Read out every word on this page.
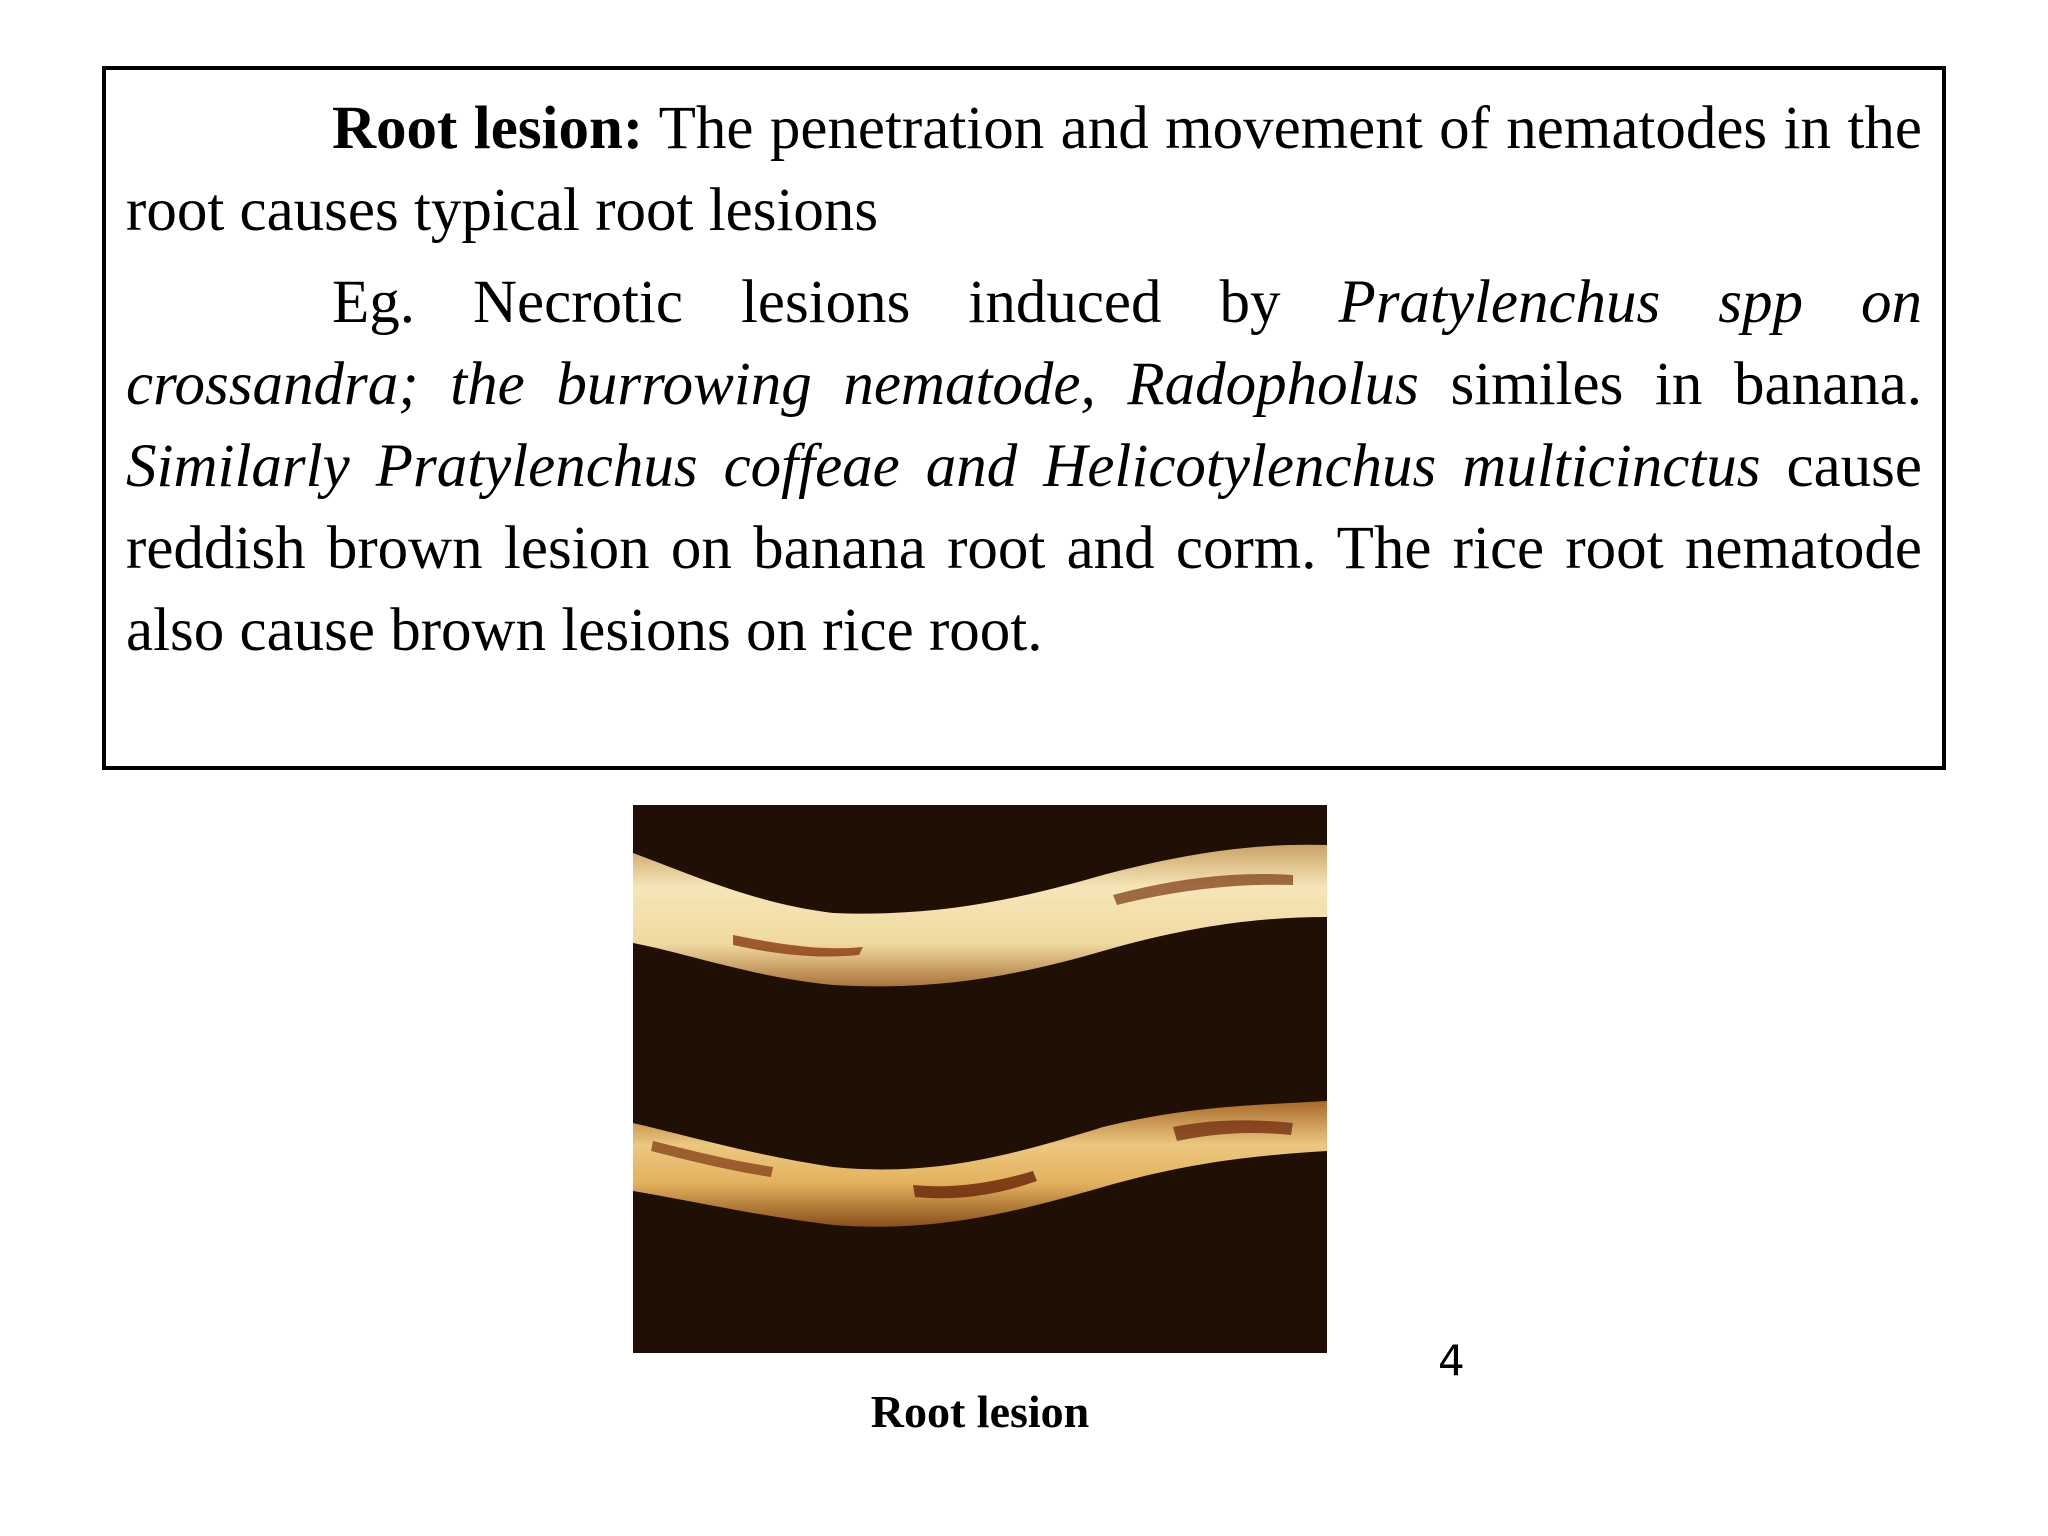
Root lesion: The penetration and movement of nematodes in the root causes typical root lesions

Eg. Necrotic lesions induced by Pratylenchus spp on crossandra; the burrowing nematode, Radopholus similes in banana. Similarly Pratylenchus coffeae and Helicotylenchus multicinctus cause reddish brown lesion on banana root and corm. The rice root nematode also cause brown lesions on rice root.

Root lesion
4
